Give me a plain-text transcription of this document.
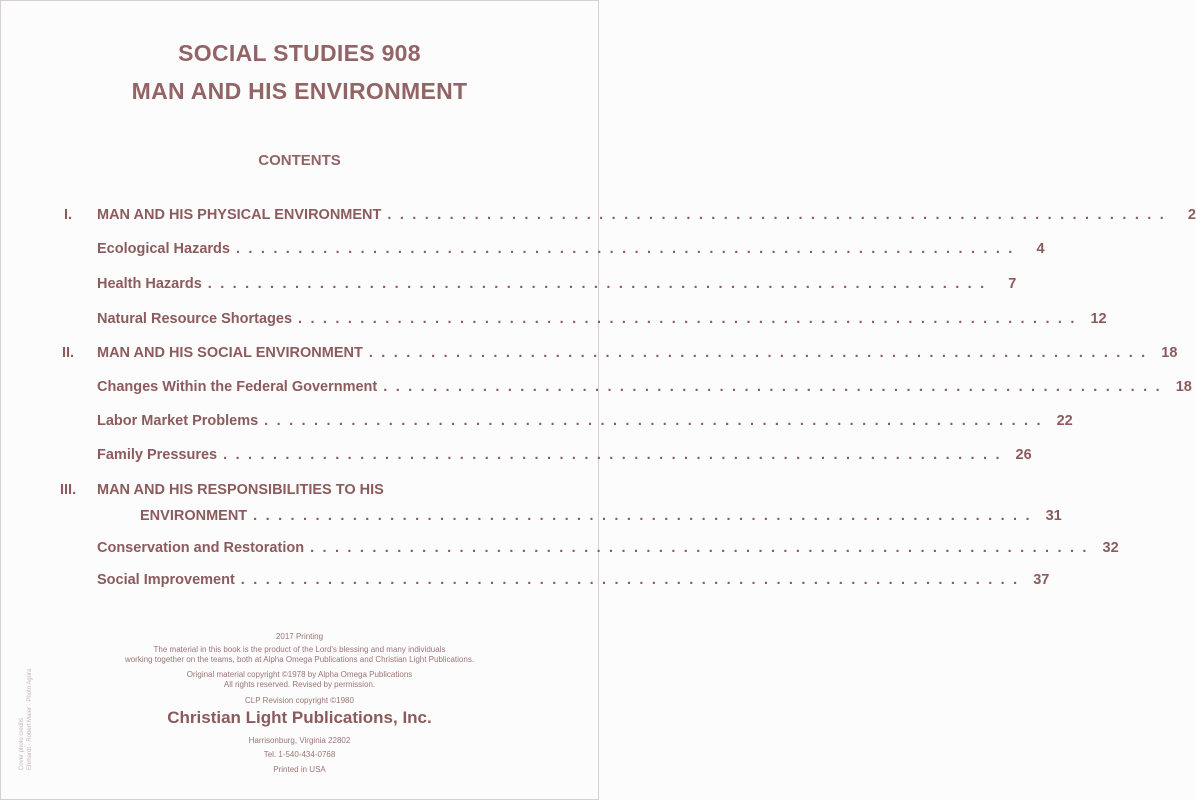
SOCIAL STUDIES 908
MAN AND HIS ENVIRONMENT
CONTENTS
I. MAN AND HIS PHYSICAL ENVIRONMENT . . . . . . . . . . . . . . . . . . . . . . . . . . . . . . . . . . . . . . . . . . . . . . . . . . . . . . . . . . . . . . .	2
Ecological Hazards . . . . . . . . . . . . . . . . . . . . . . . . . . . . . . . . . . . . . . . . . . . . . . . . . . . . . . . . . . . . . . .	4
Health Hazards . . . . . . . . . . . . . . . . . . . . . . . . . . . . . . . . . . . . . . . . . . . . . . . . . . . . . . . . . . . . . . .	7
Natural Resource Shortages . . . . . . . . . . . . . . . . . . . . . . . . . . . . . . . . . . . . . . . . . . . . . . . . . . . . . . . . . . . . . . . 12
II. MAN AND HIS SOCIAL ENVIRONMENT . . . . . . . . . . . . . . . . . . . . . . . . . . . . . . . . . . . . . . . . . . . . . . . . . . . . . . . . . . . . . . . 18
Changes Within the Federal Government . . . . . . . . . . . . . . . . . . . . . . . . . . . . . . . . . . . . . . . . . . . . . . . . . . . . . . . . . . . . . . . 18
Labor Market Problems . . . . . . . . . . . . . . . . . . . . . . . . . . . . . . . . . . . . . . . . . . . . . . . . . . . . . . . . . . . . . . . 22
Family Pressures . . . . . . . . . . . . . . . . . . . . . . . . . . . . . . . . . . . . . . . . . . . . . . . . . . . . . . . . . . . . . . . 26
III. MAN AND HIS RESPONSIBILITIES TO HIS
ENVIRONMENT . . . . . . . . . . . . . . . . . . . . . . . . . . . . . . . . . . . . . . . . . . . . . . . . . . . . . . . . . . . . . . . 31
Conservation and Restoration . . . . . . . . . . . . . . . . . . . . . . . . . . . . . . . . . . . . . . . . . . . . . . . . . . . . . . . . . . . . . . . 32
Social Improvement . . . . . . . . . . . . . . . . . . . . . . . . . . . . . . . . . . . . . . . . . . . . . . . . . . . . . . . . . . . . . . . 37
2017 Printing
The material in this book is the product of the Lord's blessing and many individuals
working together on the teams, both at Alpha Omega Publications and Christian Light Publications.
Original material copyright ©1978 by Alpha Omega Publications
All rights reserved. Revised by permission.
CLP Revision copyright ©1980
Christian Light Publications, Inc.
Harrisonburg, Virginia 22802
Tel. 1-540-434-0768
Printed in USA
Cover photo credits Ehrhardt · Robert Maier · Photo Agora
